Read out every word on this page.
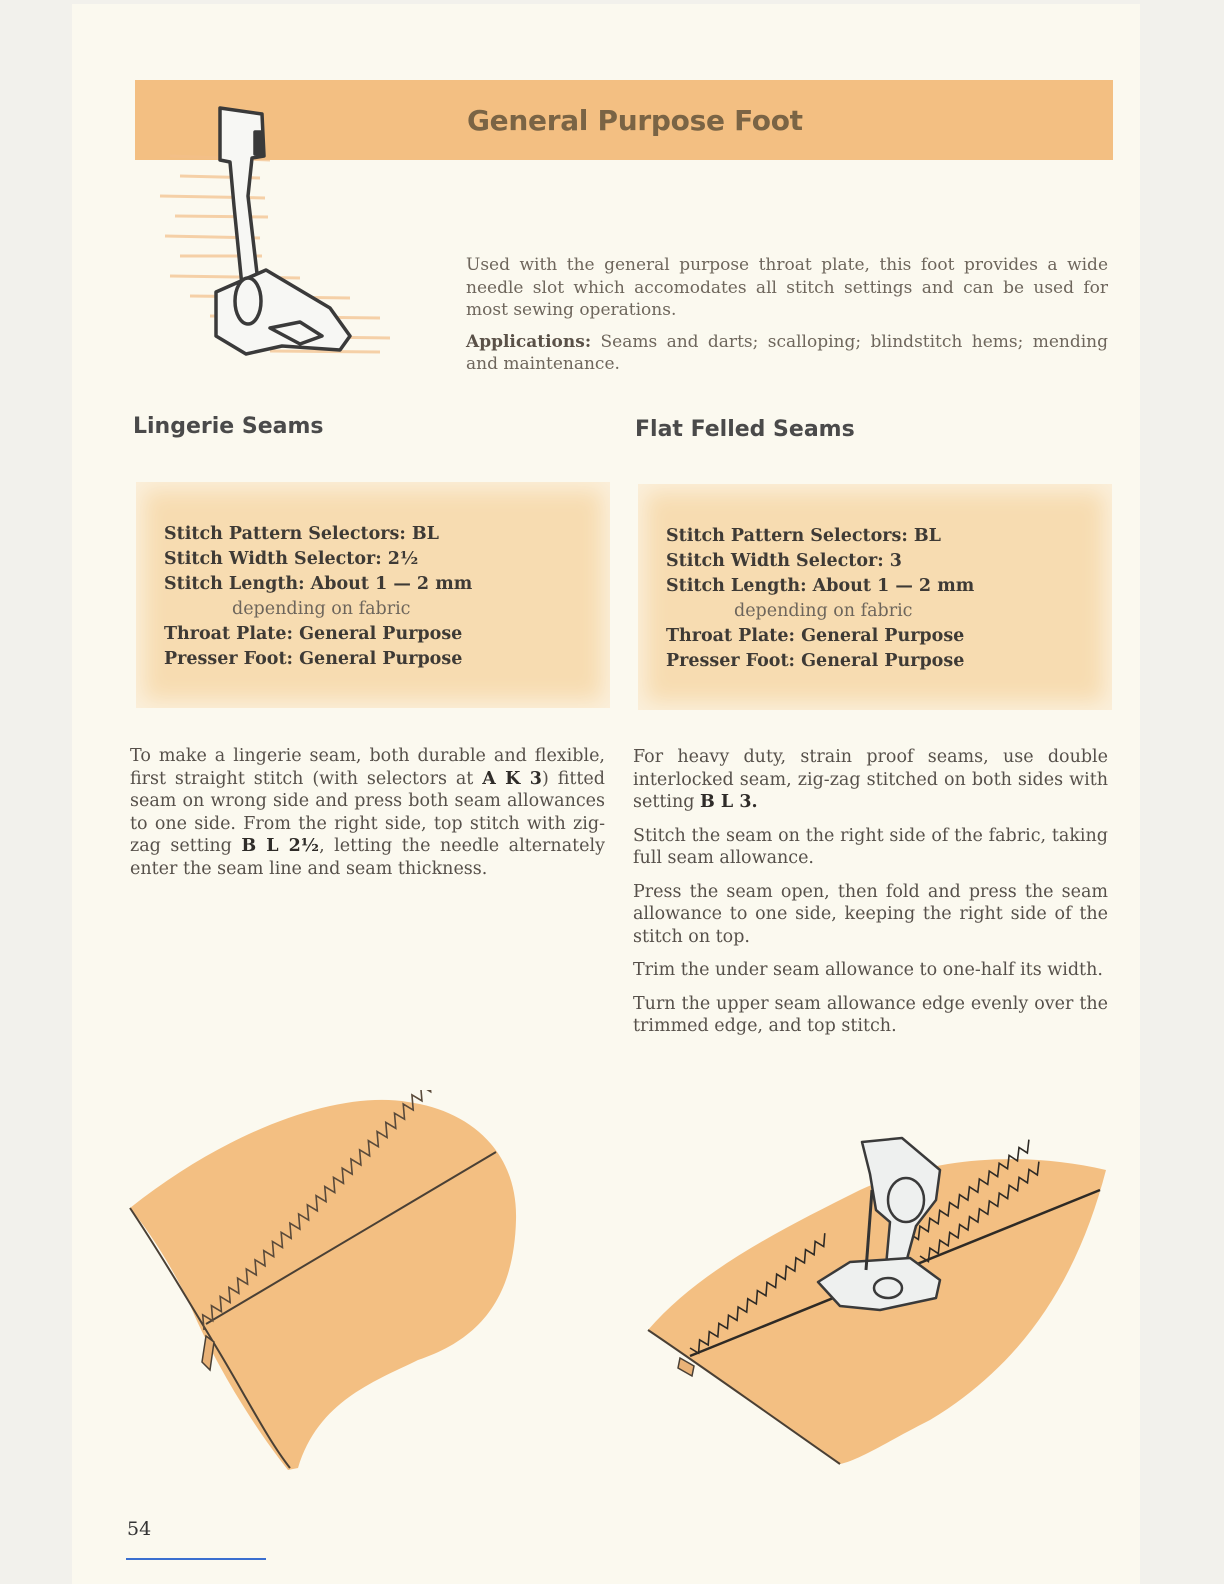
General Purpose Foot

Used with the general purpose throat plate, this foot provides a wide needle slot which accomodates all stitch settings and can be used for most sewing operations.

Applications: Seams and darts; scalloping; blindstitch hems; mending and maintenance.

Lingerie Seams	Flat Felled Seams
Stitch Pattern Selectors: BL
Stitch Width Selector: 2½
Stitch Length: About 1 — 2 mm
depending on fabric
Throat Plate: General Purpose
Presser Foot: General Purpose
Stitch Pattern Selectors: BL
Stitch Width Selector: 3
Stitch Length: About 1 — 2 mm
depending on fabric
Throat Plate: General Purpose
Presser Foot: General Purpose

To make a lingerie seam, both durable and flexible, first straight stitch (with selectors at A K 3) fitted seam on wrong side and press both seam allowances to one side. From the right side, top stitch with zig-zag setting B L 2½, letting the needle alternately enter the seam line and seam thickness.

For heavy duty, strain proof seams, use double interlocked seam, zig-zag stitched on both sides with setting B L 3.

Stitch the seam on the right side of the fabric, taking full seam allowance.

Press the seam open, then fold and press the seam allowance to one side, keeping the right side of the stitch on top.

Trim the under seam allowance to one-half its width.

Turn the upper seam allowance edge evenly over the trimmed edge, and top stitch.

54
